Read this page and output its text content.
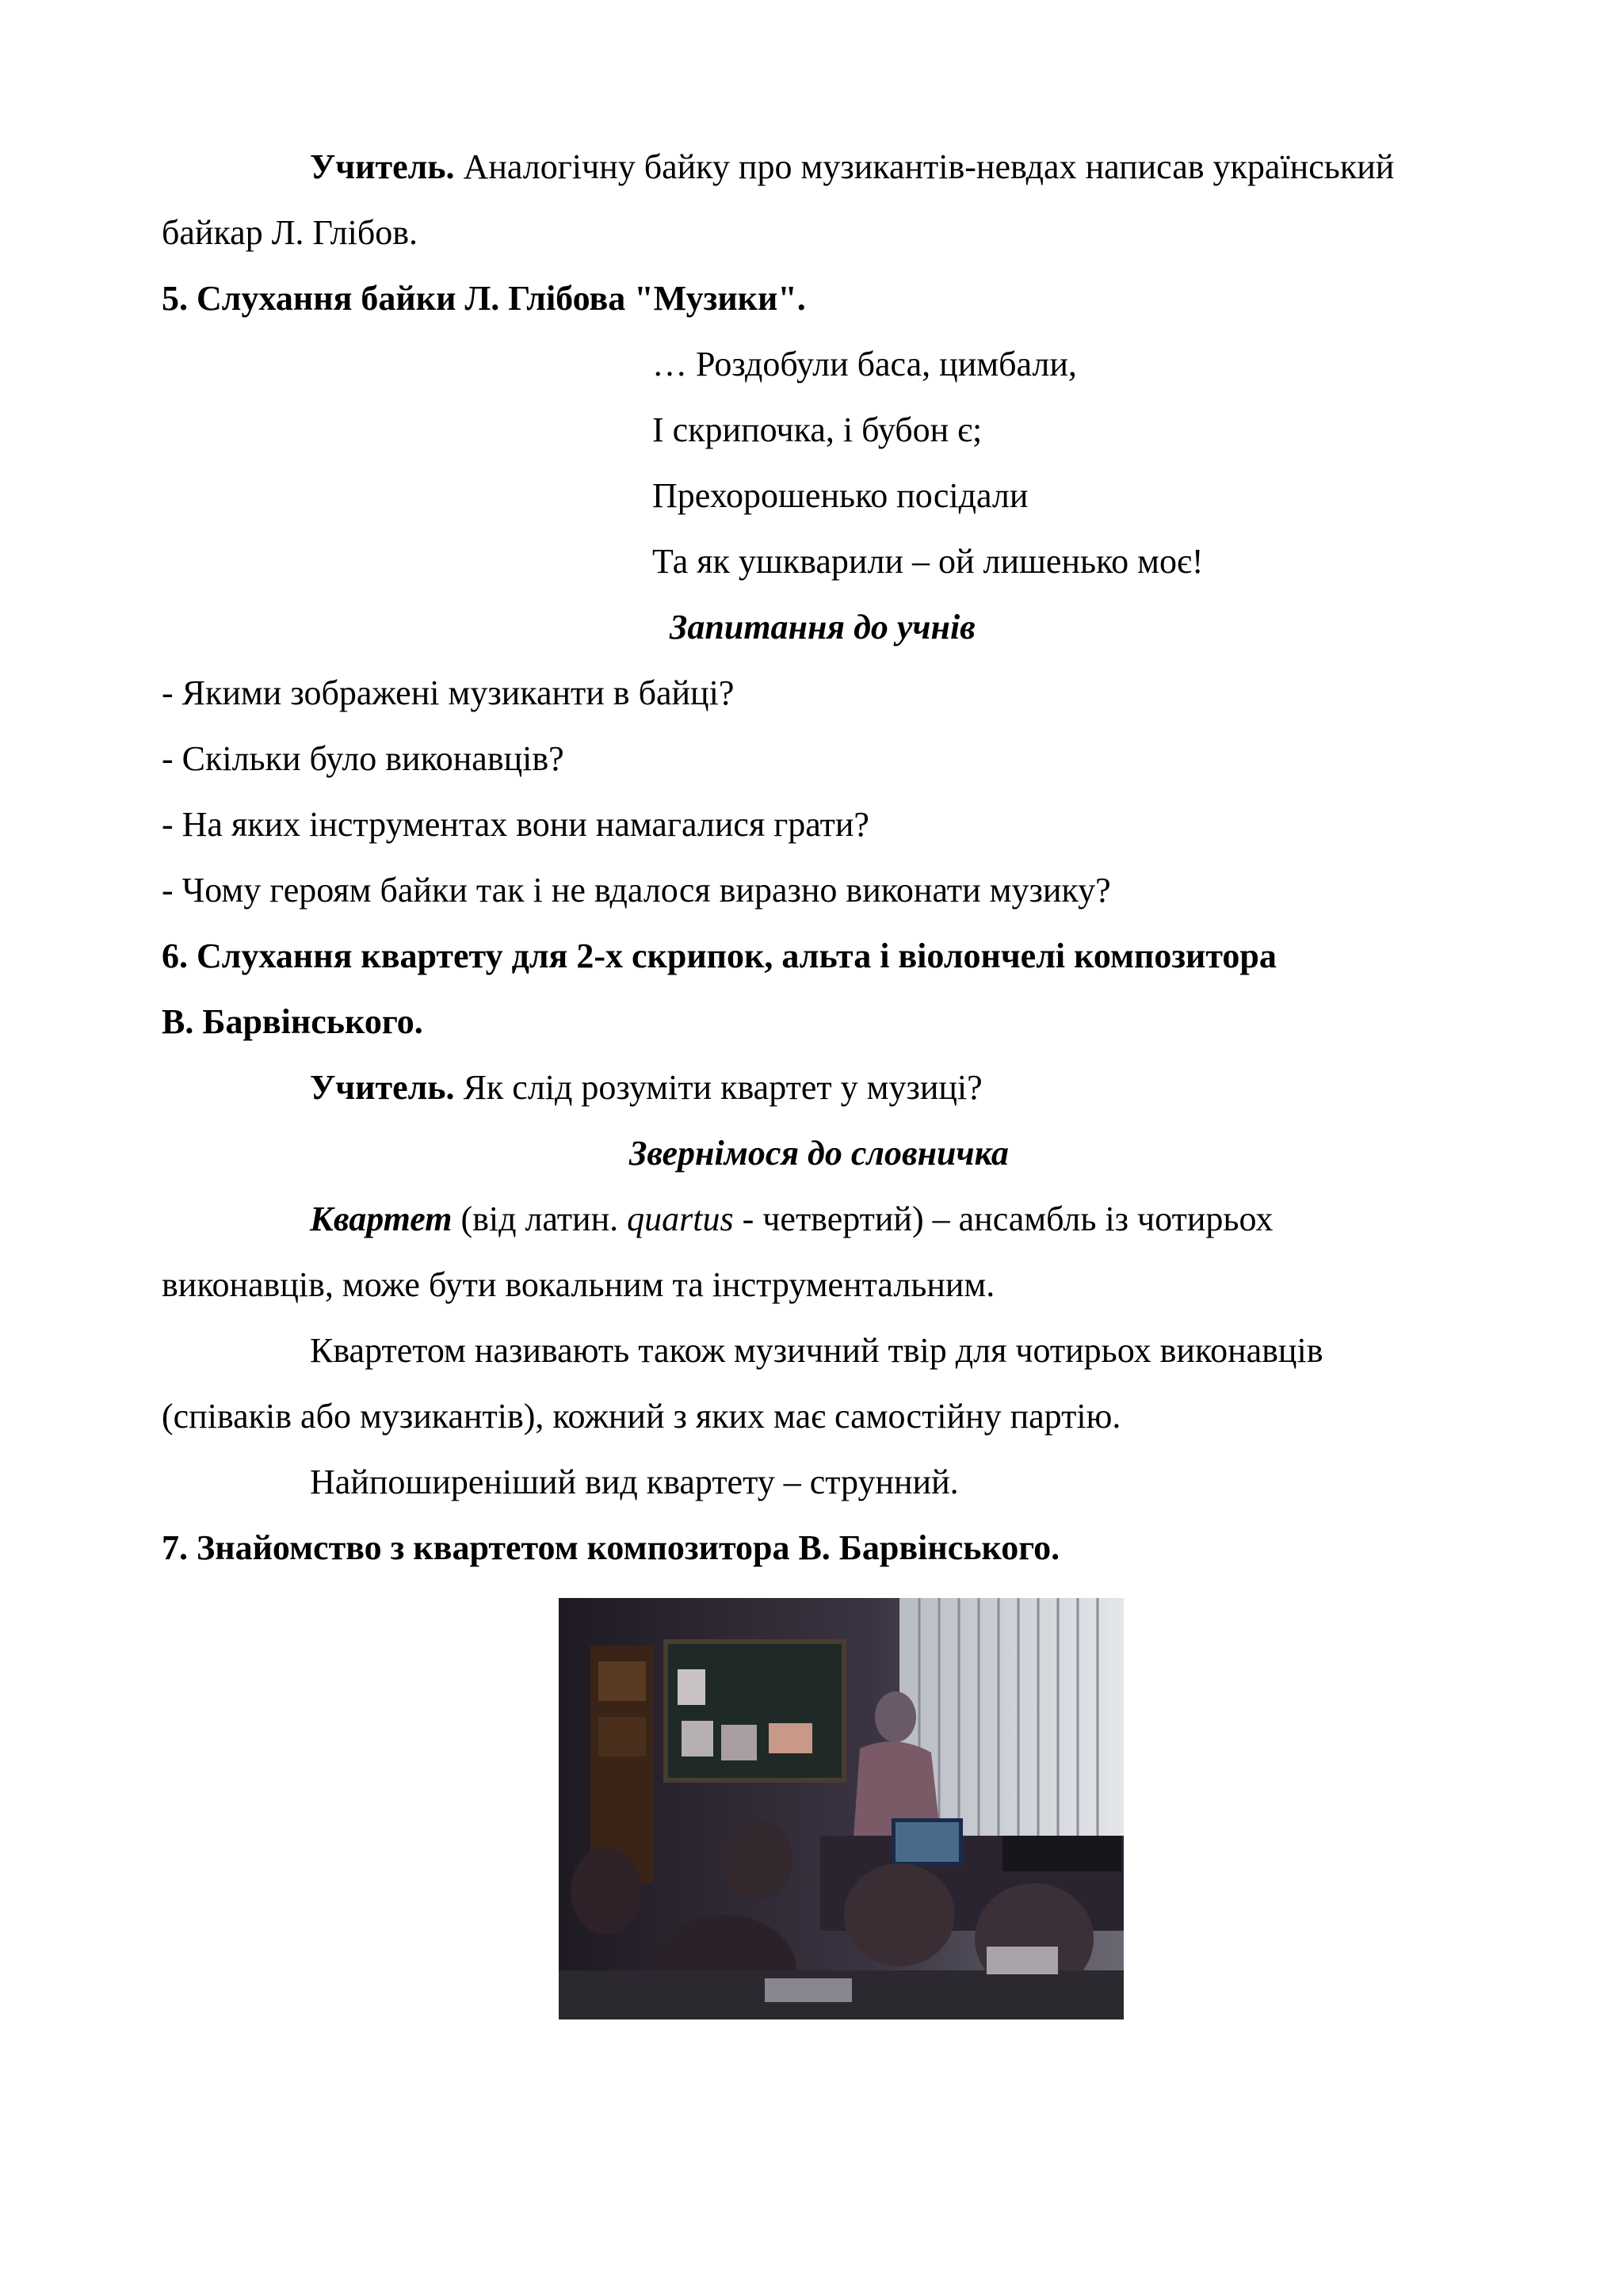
Учитель. Аналогічну байку про музикантів-невдах написав український
байкар Л. Глібов.
5. Слухання байки Л. Глібова "Музики".
… Роздобули баса, цимбали,
І скрипочка, і бубон є;
Прехорошенько посідали
Та як ушкварили – ой лишенько моє!
Запитання до учнів
- Якими зображені музиканти в байці?
- Скільки було виконавців?
- На яких інструментах вони намагалися грати?
- Чому героям байки так і не вдалося виразно виконати музику?
6. Слухання квартету для 2-х скрипок, альта і віолончелі композитора
В. Барвінського.
Учитель. Як слід розуміти квартет у музиці?
Звернімося до словничка
Квартет (від латин. quartus - четвертий) – ансамбль із чотирьох
виконавців, може бути вокальним та інструментальним.
Квартетом називають також музичний твір для чотирьох виконавців
(співаків або музикантів), кожний з яких має самостійну партію.
Найпоширеніший вид квартету – струнний.
7. Знайомство з квартетом композитора В. Барвінського.
